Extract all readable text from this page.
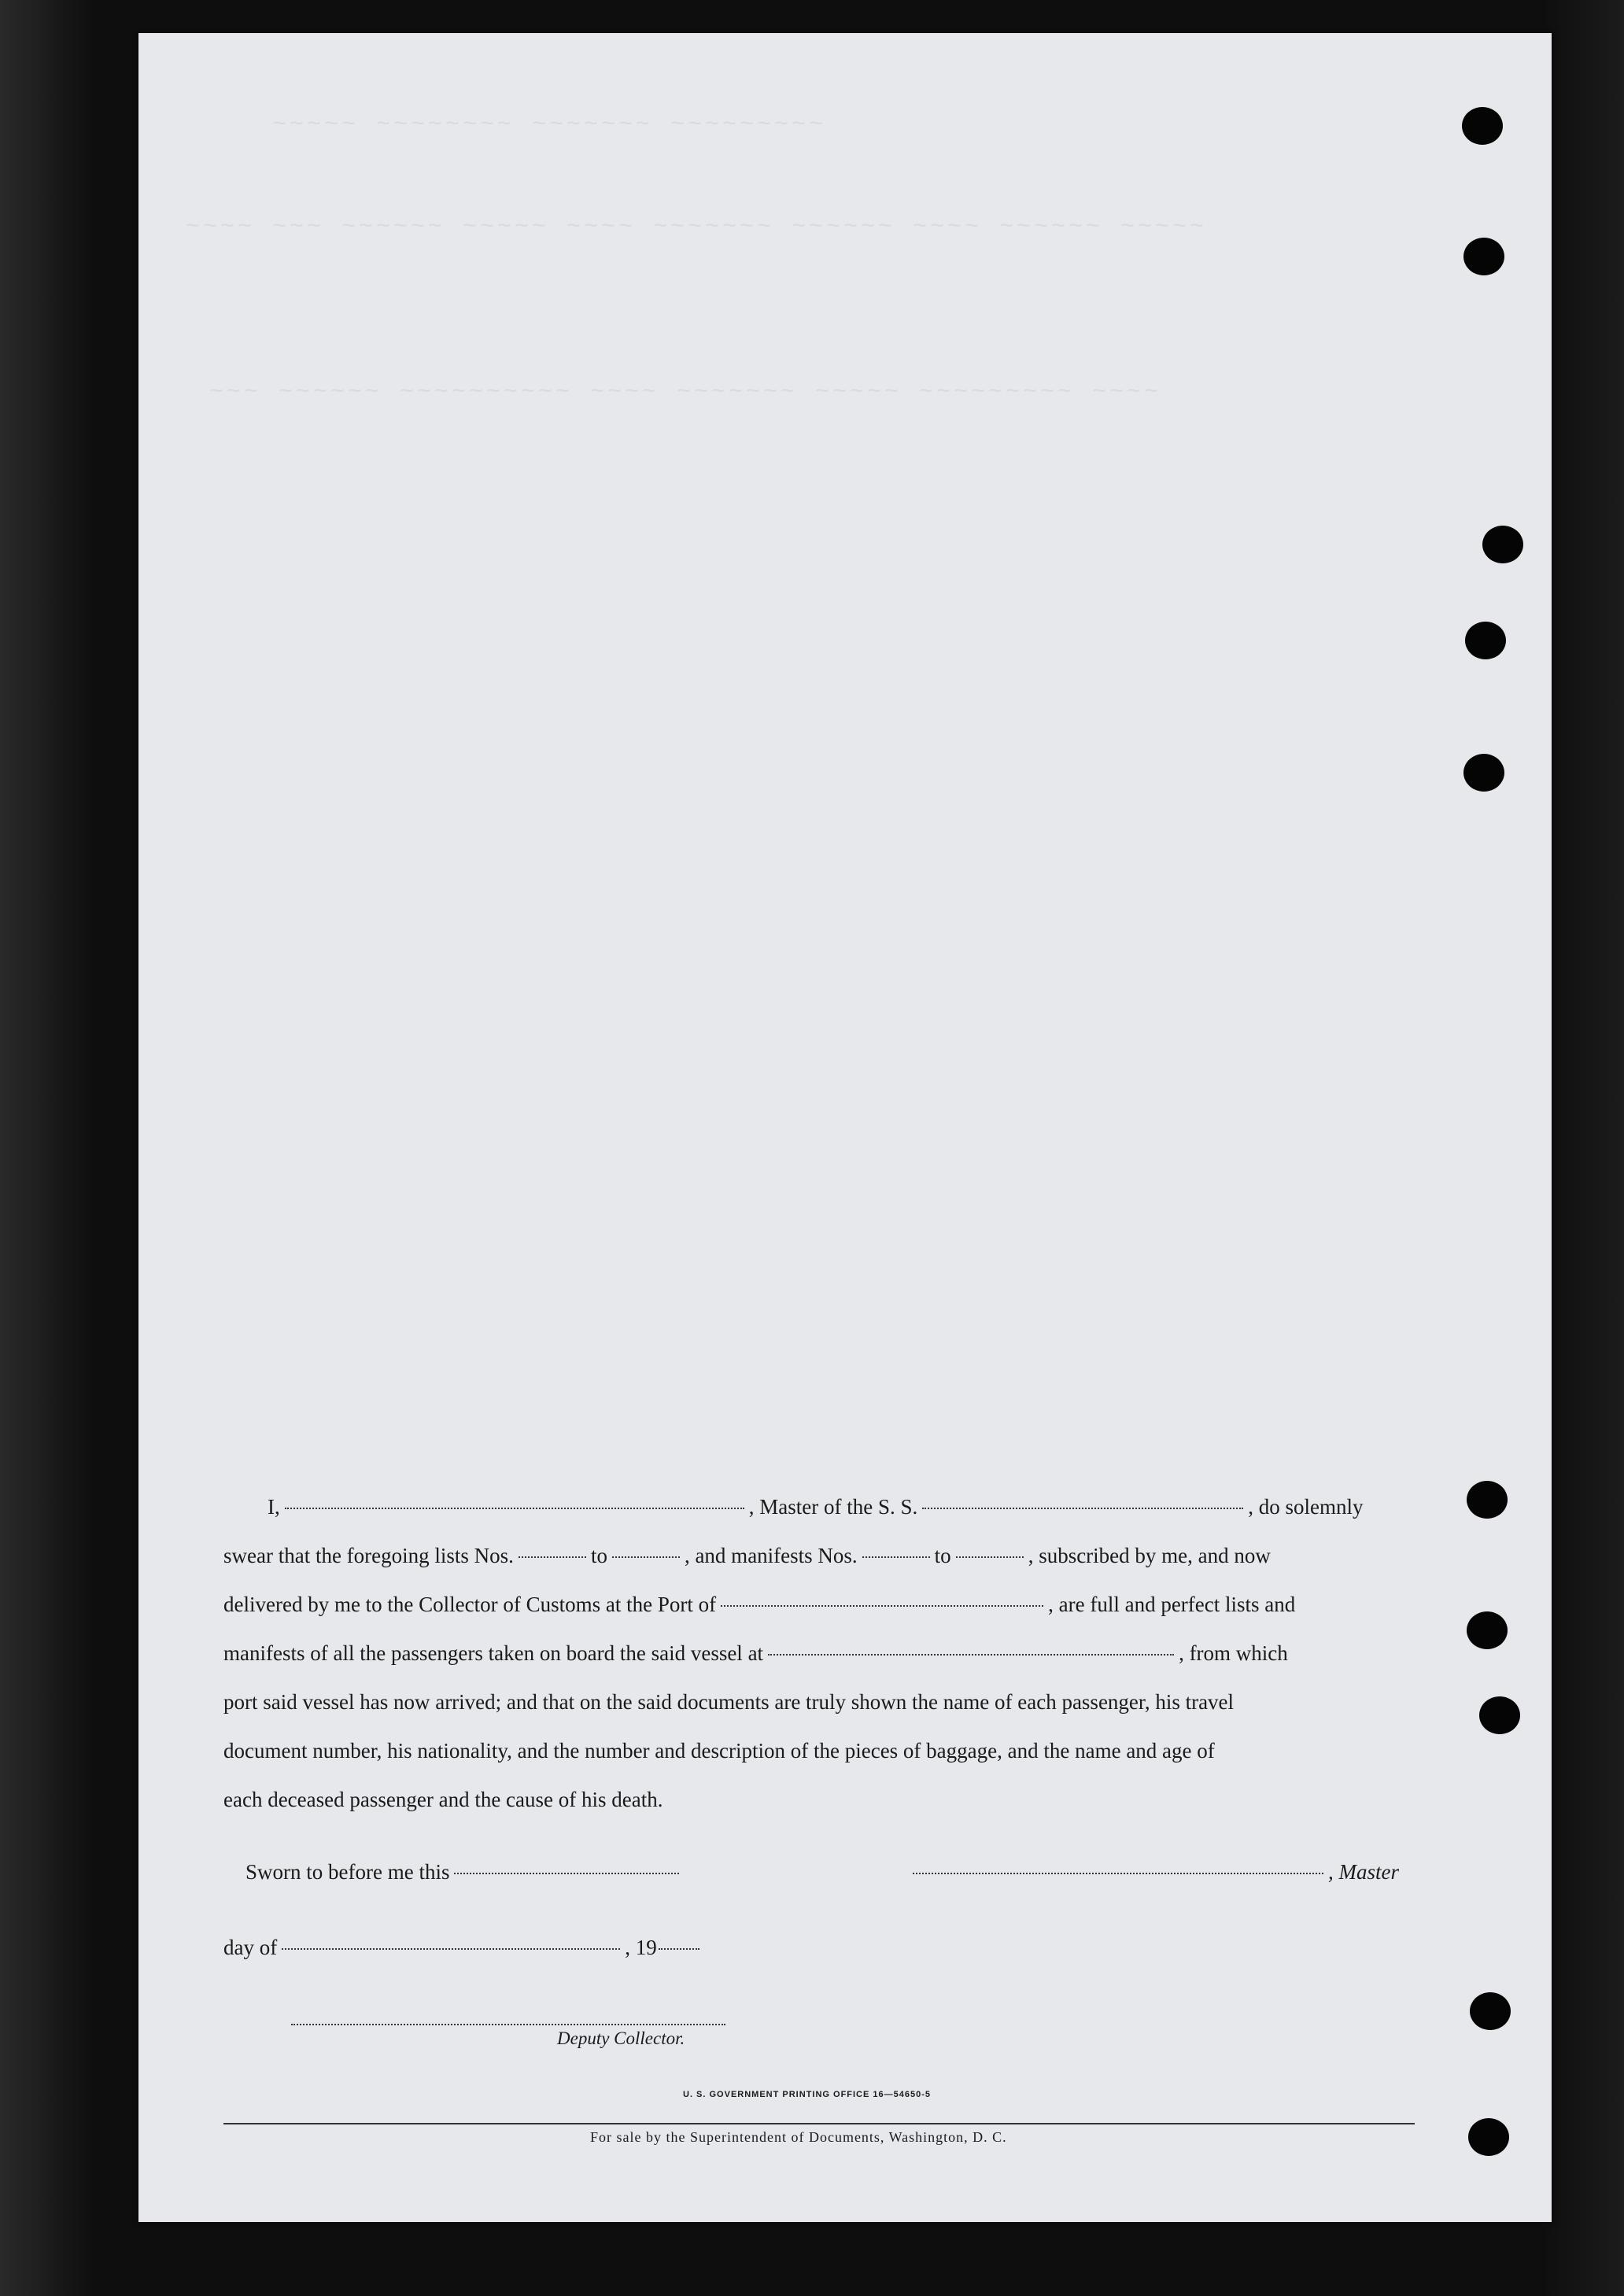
~~~~~ ~~~~~~~~ ~~~~~~~ ~~~~~~~~~
~~~~ ~~~ ~~~~~~ ~~~~~ ~~~~ ~~~~~~~ ~~~~~~ ~~~~ ~~~~~~ ~~~~~
~~~ ~~~~~~ ~~~~~~~~~~ ~~~~ ~~~~~~~ ~~~~~ ~~~~~~~~~ ~~~~
I,	, Master of the S. S.	, do solemnly
swear that the foregoing lists Nos.	to	, and manifests Nos.	to	, subscribed by me, and now
delivered by me to the Collector of Customs at the Port of	, are full and perfect lists and
manifests of all the passengers taken on board the said vessel at	, from which
port said vessel has now arrived; and that on the said documents are truly shown the name of each passenger, his travel
document number, his nationality, and the number and description of the pieces of baggage, and the name and age of
each deceased passenger and the cause of his death.
Sworn to before me this	, Master
day of	, 19
Deputy Collector.
U. S. GOVERNMENT PRINTING OFFICE 16—54650-5
For sale by the Superintendent of Documents, Washington, D. C.
